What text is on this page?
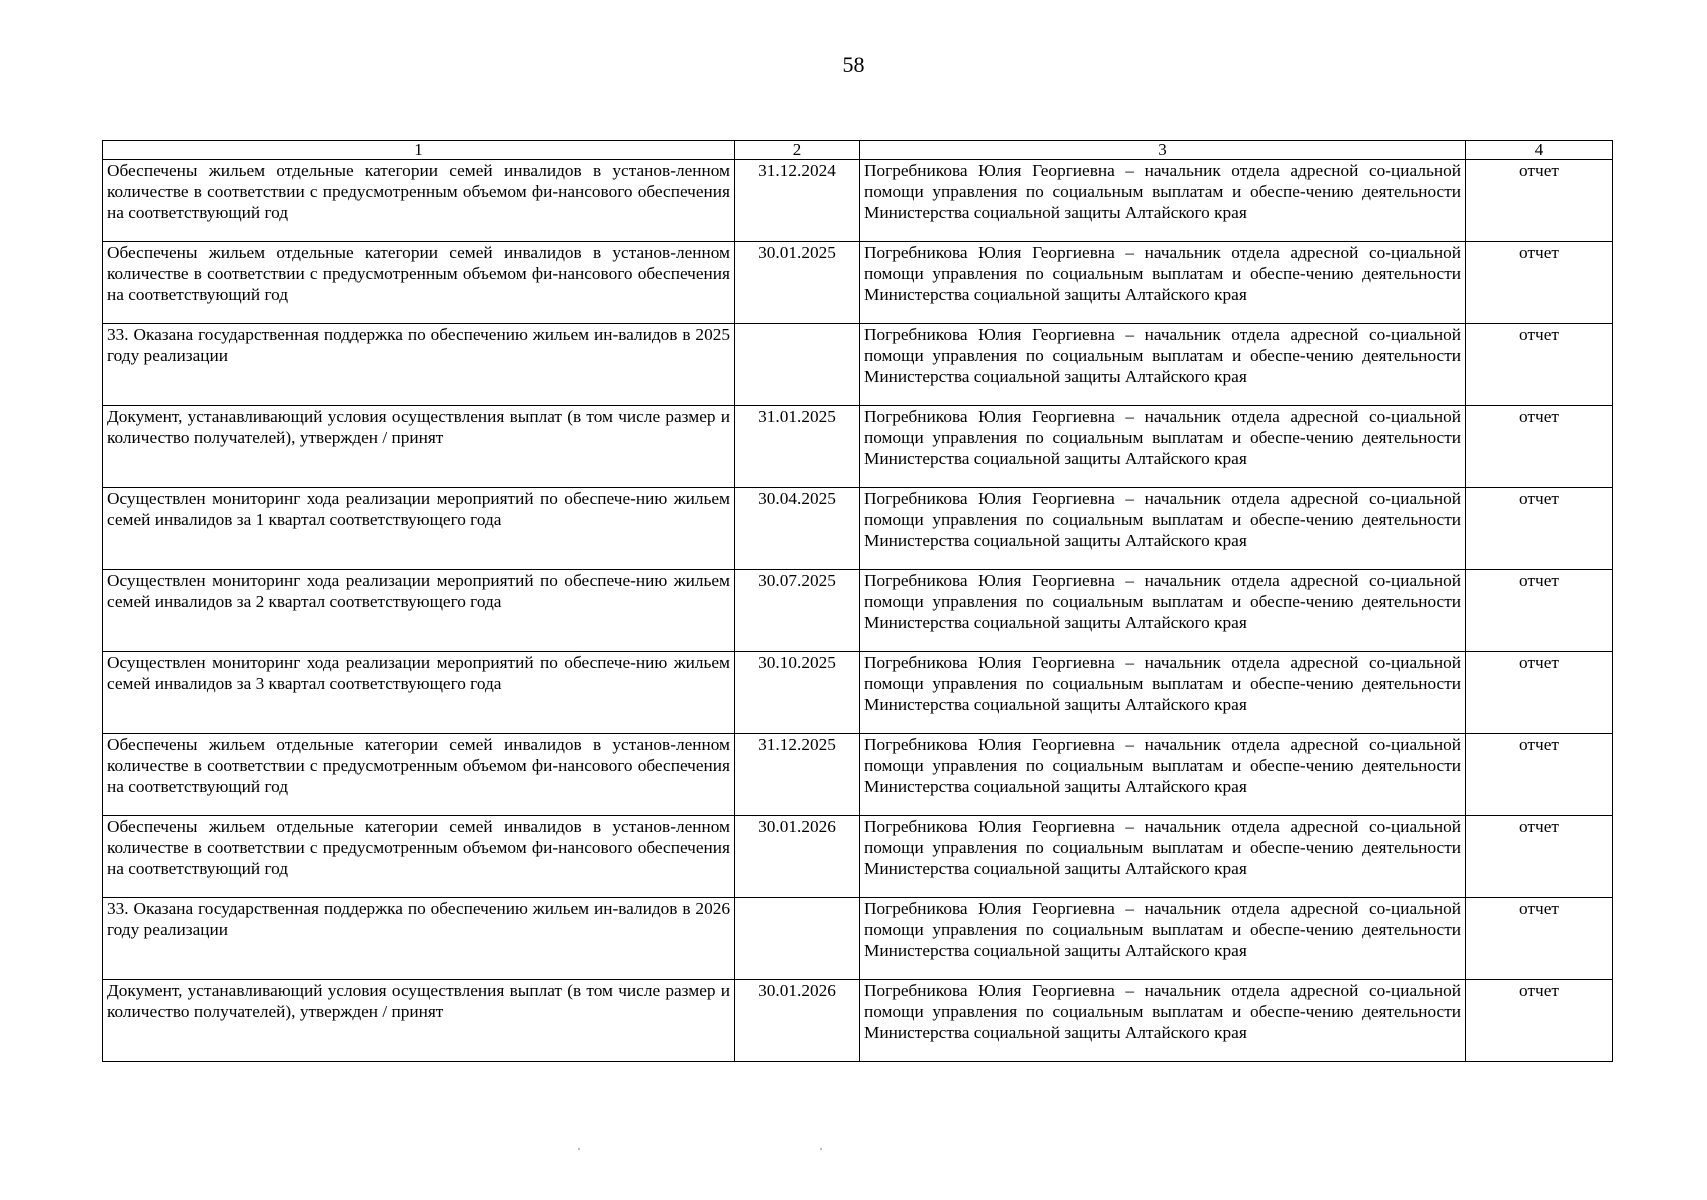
58
1	2	3	4
Обеспечены жильем отдельные категории семей инвалидов в установ-ленном количестве в соответствии с предусмотренным объемом фи-нансового обеспечения на соответствующий год	31.12.2024	Погребникова Юлия Георгиевна – начальник отдела адресной со-циальной помощи управления по социальным выплатам и обеспе-чению деятельности Министерства социальной защиты Алтайского края	отчет
Обеспечены жильем отдельные категории семей инвалидов в установ-ленном количестве в соответствии с предусмотренным объемом фи-нансового обеспечения на соответствующий год	30.01.2025	Погребникова Юлия Георгиевна – начальник отдела адресной со-циальной помощи управления по социальным выплатам и обеспе-чению деятельности Министерства социальной защиты Алтайского края	отчет
33. Оказана государственная поддержка по обеспечению жильем ин-валидов в 2025 году реализации		Погребникова Юлия Георгиевна – начальник отдела адресной со-циальной помощи управления по социальным выплатам и обеспе-чению деятельности Министерства социальной защиты Алтайского края	отчет
Документ, устанавливающий условия осуществления выплат (в том числе размер и количество получателей), утвержден / принят	31.01.2025	Погребникова Юлия Георгиевна – начальник отдела адресной со-циальной помощи управления по социальным выплатам и обеспе-чению деятельности Министерства социальной защиты Алтайского края	отчет
Осуществлен мониторинг хода реализации мероприятий по обеспече-нию жильем семей инвалидов за 1 квартал соответствующего года	30.04.2025	Погребникова Юлия Георгиевна – начальник отдела адресной со-циальной помощи управления по социальным выплатам и обеспе-чению деятельности Министерства социальной защиты Алтайского края	отчет
Осуществлен мониторинг хода реализации мероприятий по обеспече-нию жильем семей инвалидов за 2 квартал соответствующего года	30.07.2025	Погребникова Юлия Георгиевна – начальник отдела адресной со-циальной помощи управления по социальным выплатам и обеспе-чению деятельности Министерства социальной защиты Алтайского края	отчет
Осуществлен мониторинг хода реализации мероприятий по обеспече-нию жильем семей инвалидов за 3 квартал соответствующего года	30.10.2025	Погребникова Юлия Георгиевна – начальник отдела адресной со-циальной помощи управления по социальным выплатам и обеспе-чению деятельности Министерства социальной защиты Алтайского края	отчет
Обеспечены жильем отдельные категории семей инвалидов в установ-ленном количестве в соответствии с предусмотренным объемом фи-нансового обеспечения на соответствующий год	31.12.2025	Погребникова Юлия Георгиевна – начальник отдела адресной со-циальной помощи управления по социальным выплатам и обеспе-чению деятельности Министерства социальной защиты Алтайского края	отчет
Обеспечены жильем отдельные категории семей инвалидов в установ-ленном количестве в соответствии с предусмотренным объемом фи-нансового обеспечения на соответствующий год	30.01.2026	Погребникова Юлия Георгиевна – начальник отдела адресной со-циальной помощи управления по социальным выплатам и обеспе-чению деятельности Министерства социальной защиты Алтайского края	отчет
33. Оказана государственная поддержка по обеспечению жильем ин-валидов в 2026 году реализации		Погребникова Юлия Георгиевна – начальник отдела адресной со-циальной помощи управления по социальным выплатам и обеспе-чению деятельности Министерства социальной защиты Алтайского края	отчет
Документ, устанавливающий условия осуществления выплат (в том числе размер и количество получателей), утвержден / принят	30.01.2026	Погребникова Юлия Георгиевна – начальник отдела адресной со-циальной помощи управления по социальным выплатам и обеспе-чению деятельности Министерства социальной защиты Алтайского края	отчет
